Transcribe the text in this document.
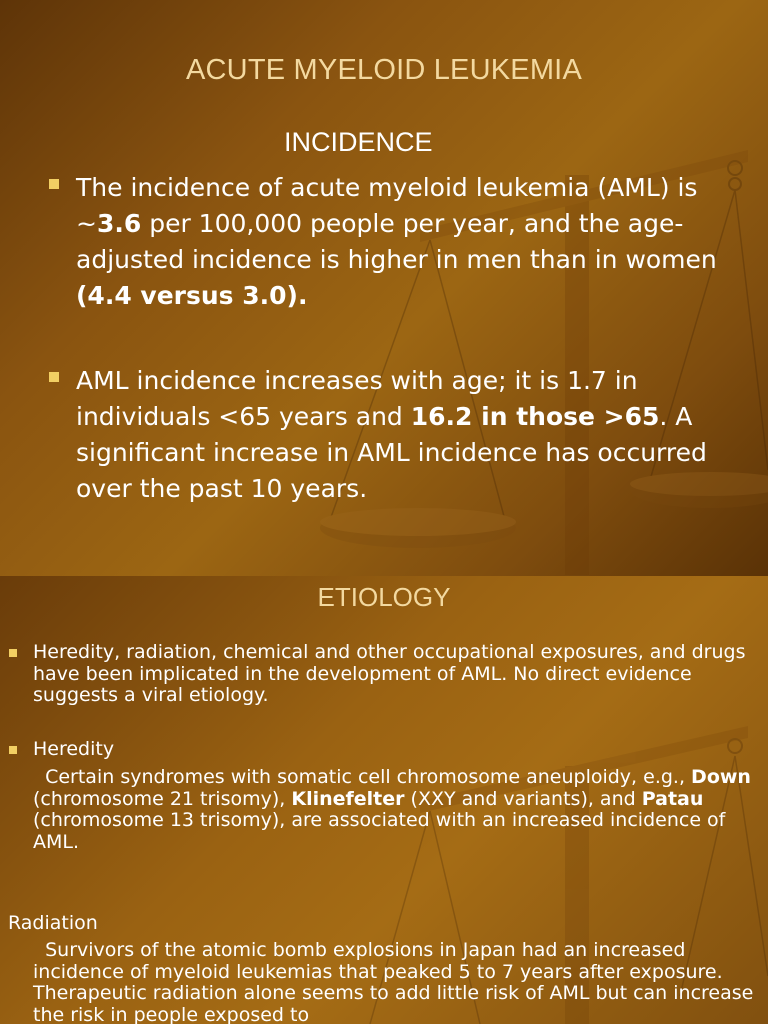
ACUTE MYELOID LEUKEMIA
INCIDENCE
The incidence of acute myeloid leukemia (AML) is ~3.6 per 100,000 people per year, and the age-adjusted incidence is higher in men than in women (4.4 versus 3.0).
AML incidence increases with age; it is 1.7 in individuals <65 years and 16.2 in those >65. A significant increase in AML incidence has occurred over the past 10 years.
ETIOLOGY
Heredity, radiation, chemical and other occupational exposures, and drugs have been implicated in the development of AML. No direct evidence suggests a viral etiology.
Heredity
Certain syndromes with somatic cell chromosome aneuploidy, e.g., Down (chromosome 21 trisomy), Klinefelter (XXY and variants), and Patau (chromosome 13 trisomy), are associated with an increased incidence of AML.
Radiation
Survivors of the atomic bomb explosions in Japan had an increased incidence of myeloid leukemias that peaked 5 to 7 years after exposure. Therapeutic radiation alone seems to add little risk of AML but can increase the risk in people exposed to
